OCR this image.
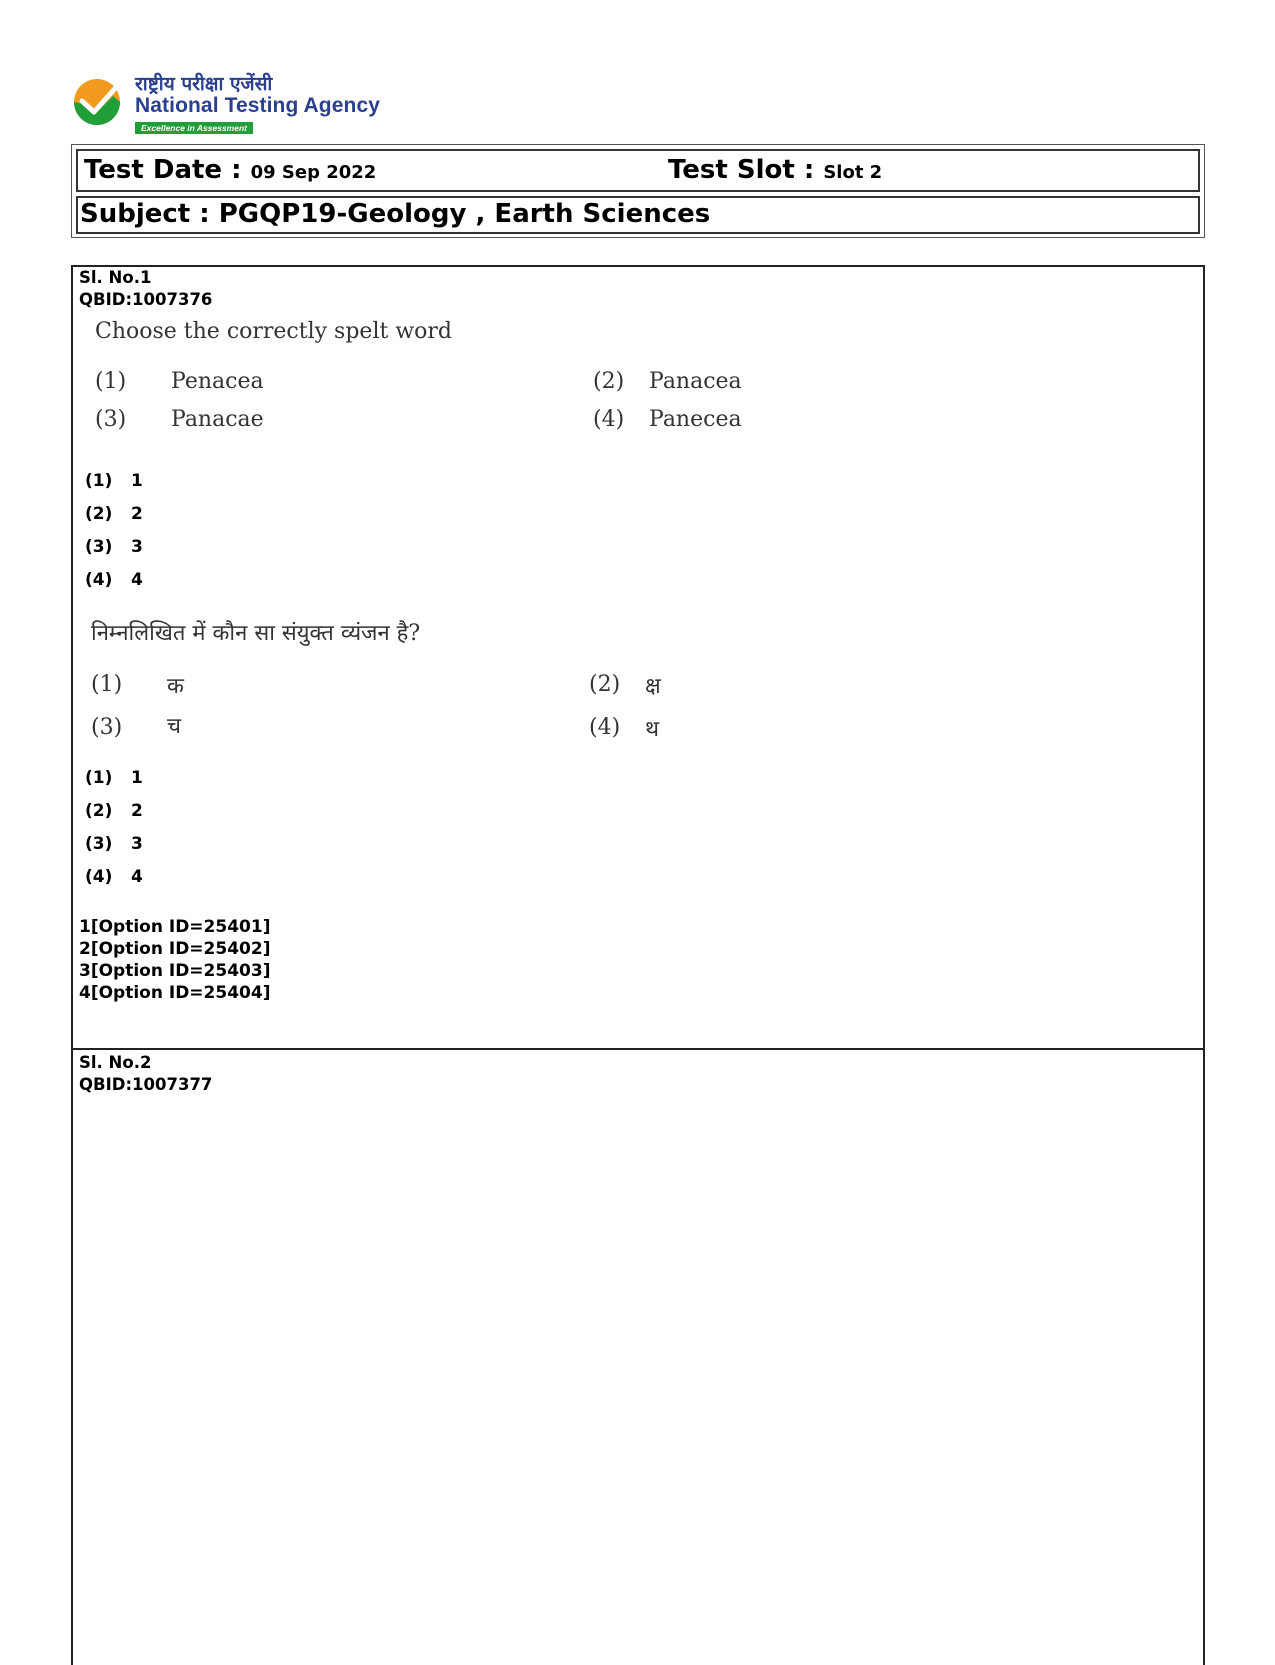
राष्ट्रीय परीक्षा एजेंसी
National Testing Agency
Excellence in Assessment
Test Date : 09 Sep 2022	Test Slot : Slot 2
Subject : PGQP19-Geology , Earth Sciences
Sl. No.1
QBID:1007376
Choose the correctly spelt word
(1) Penacea	(2) Panacea
(3) Panacae	(4) Panecea
(1) 1
(2) 2
(3) 3
(4) 4
निम्नलिखित में कौन सा संयुक्त व्यंजन है?
(1) क	(2) क्ष
(3) च	(4) थ
(1) 1
(2) 2
(3) 3
(4) 4
1[Option ID=25401]
2[Option ID=25402]
3[Option ID=25403]
4[Option ID=25404]
Sl. No.2
QBID:1007377
